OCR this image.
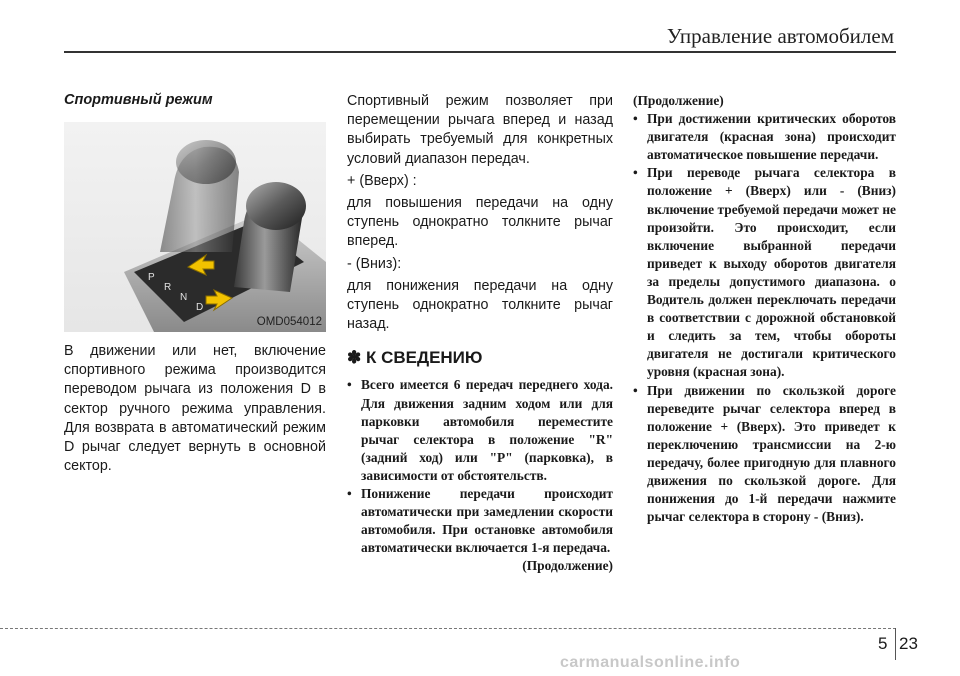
Управление автомобилем
Спортивный режим
P
R
N
D
OMD054012

В движении или нет, включение спортивного режима производится переводом рычага из положения D в сектор ручного режима управления. Для возврата в автоматический режим D рычаг следует вернуть в основной сектор.

Спортивный режим позволяет при перемещении рычага вперед и назад выбирать требуемый для конкретных условий диапазон передач.

+ (Вверх) :

для повышения передачи на одну ступень однократно толкните рычаг вперед.

- (Вниз):

для понижения передачи на одну ступень однократно толкните рычаг назад.

✽ К СВЕДЕНИЮ
• Всего имеется 6 передач переднего хода. Для движения задним ходом или для парковки автомобиля переместите рычаг селектора в положение "R" (задний ход) или "P" (парковка), в зависимости от обстоятельств.
• Понижение передачи происходит автоматически при замедлении скорости автомобиля. При остановке автомобиля автоматически включается 1-я передача.
(Продолжение)
(Продолжение)
• При достижении критических оборотов двигателя (красная зона) происходит автоматическое повышение передачи.
• При переводе рычага селектора в положение + (Вверх) или - (Вниз) включение требуемой передачи может не произойти. Это происходит, если включение выбранной передачи приведет к выходу оборотов двигателя за пределы допустимого диапазона. о Водитель должен переключать передачи в соответствии с дорожной обстановкой и следить за тем, чтобы обороты двигателя не достигали критического уровня (красная зона).
• При движении по скользкой дороге переведите рычаг селектора вперед в положение + (Вверх). Это приведет к переключению трансмиссии на 2-ю передачу, более пригодную для плавного движения по скользкой дороге. Для понижения до 1-й передачи нажмите рычаг селектора в сторону - (Вниз).
5 23
carmanualsonline.info
